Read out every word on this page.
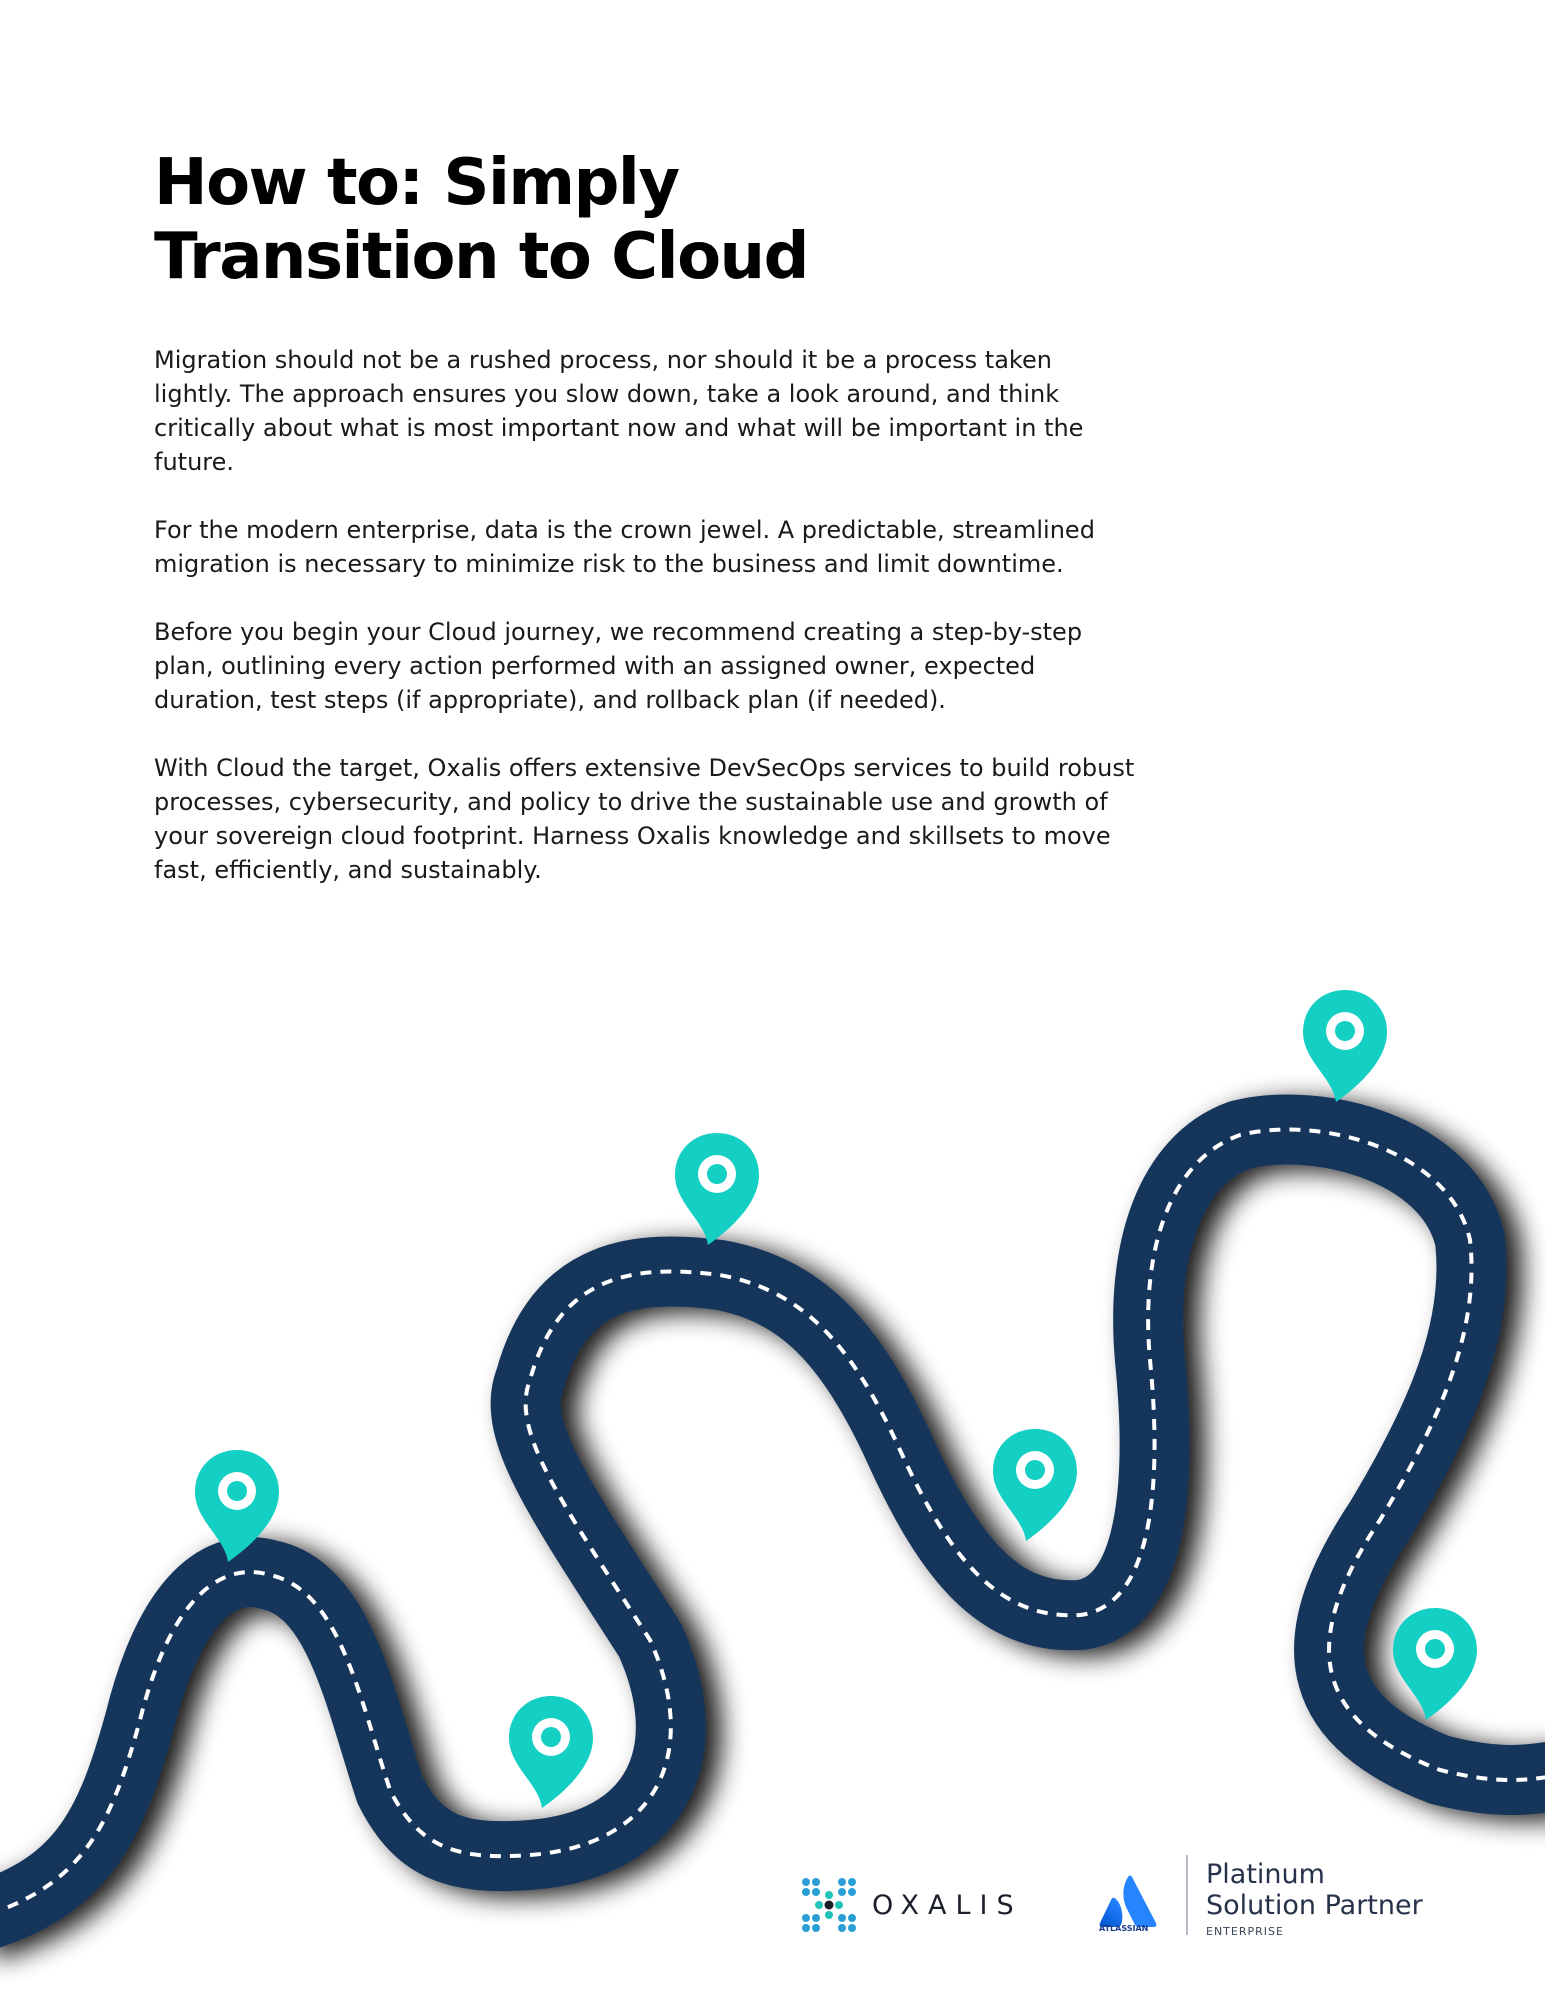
How to: Simply
Transition to Cloud

Migration should not be a rushed process, nor should it be a process taken
lightly. The approach ensures you slow down, take a look around, and think
critically about what is most important now and what will be important in the
future.

For the modern enterprise, data is the crown jewel. A predictable, streamlined
migration is necessary to minimize risk to the business and limit downtime.

Before you begin your Cloud journey, we recommend creating a step-by-step
plan, outlining every action performed with an assigned owner, expected
duration, test steps (if appropriate), and rollback plan (if needed).

With Cloud the target, Oxalis offers extensive DevSecOps services to build robust
processes, cybersecurity, and policy to drive the sustainable use and growth of
your sovereign cloud footprint. Harness Oxalis knowledge and skillsets to move
fast, efficiently, and sustainably.

OXALIS
ATLASSIAN
Platinum
Solution Partner
ENTERPRISE
